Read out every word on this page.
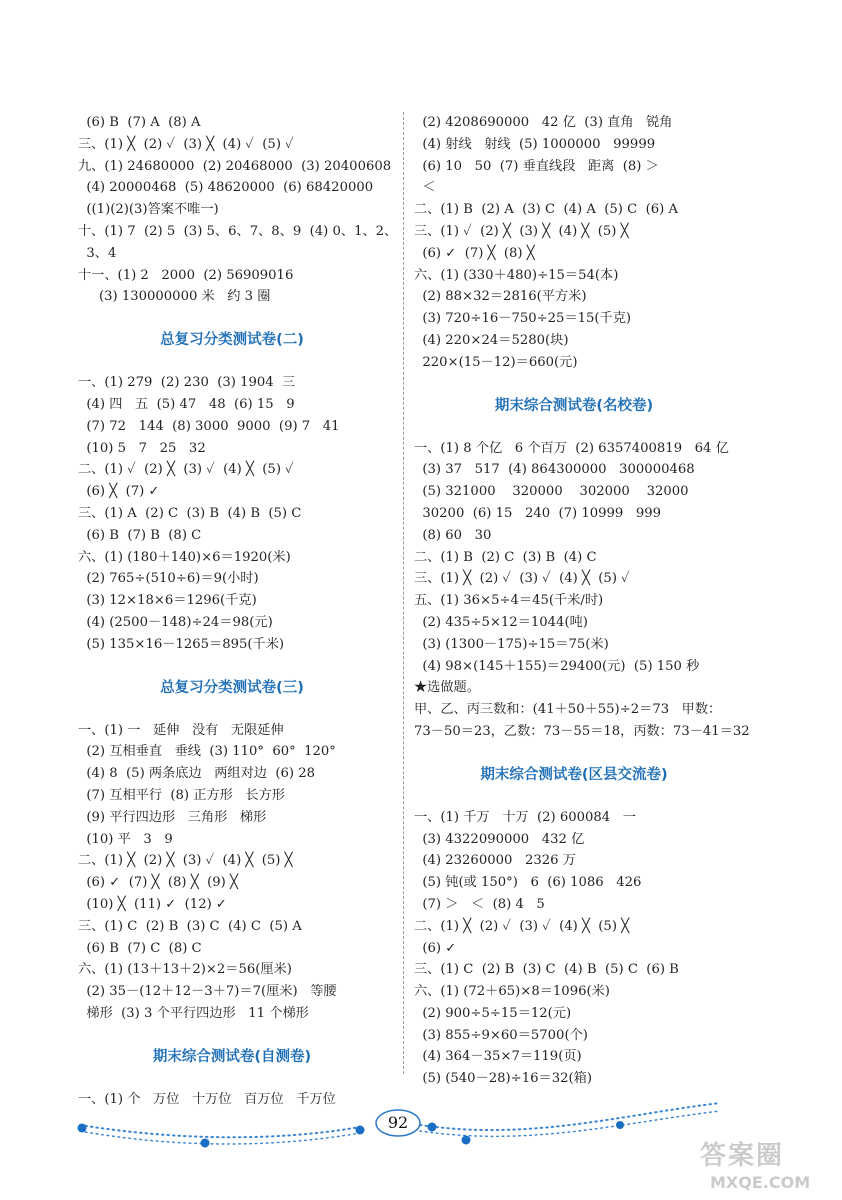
(6) B  (7) A  (8) A
三、(1) ╳  (2) ✓  (3) ╳  (4) ✓  (5) ✓
九、(1) 24680000  (2) 20468000  (3) 20400608
(4) 20000468  (5) 48620000  (6) 68420000
((1)(2)(3)答案不唯一)
十、(1) 7  (2) 5  (3) 5、6、7、8、9  (4) 0、1、2、
3、4
十一、(1) 2   2000  (2) 56909016
(3) 130000000 米   约 3 圈
总复习分类测试卷(二)
一、(1) 279  (2) 230  (3) 1904  三
(4) 四   五  (5) 47   48  (6) 15   9
(7) 72   144  (8) 3000  9000  (9) 7   41
(10) 5   7   25   32
二、(1) ✓  (2) ╳  (3) ✓  (4) ╳  (5) ✓
(6) ╳  (7) ✓
三、(1) A  (2) C  (3) B  (4) B  (5) C
(6) B  (7) B  (8) C
六、(1) (180＋140)×6＝1920(米)
(2) 765÷(510÷6)＝9(小时)
(3) 12×18×6＝1296(千克)
(4) (2500－148)÷24＝98(元)
(5) 135×16－1265＝895(千米)
总复习分类测试卷(三)
一、(1) 一   延伸   没有   无限延伸
(2) 互相垂直   垂线  (3) 110°  60°  120°
(4) 8  (5) 两条底边   两组对边  (6) 28
(7) 互相平行  (8) 正方形   长方形
(9) 平行四边形   三角形   梯形
(10) 平   3   9
二、(1) ╳  (2) ╳  (3) ✓  (4) ╳  (5) ╳
(6) ✓  (7) ╳  (8) ╳  (9) ╳
(10) ╳  (11) ✓  (12) ✓
三、(1) C  (2) B  (3) C  (4) C  (5) A
(6) B  (7) C  (8) C
六、(1) (13＋13＋2)×2＝56(厘米)
(2) 35－(12＋12－3＋7)＝7(厘米)   等腰
梯形  (3) 3 个平行四边形   11 个梯形
期末综合测试卷(自测卷)
一、(1) 个   万位   十万位   百万位   千万位
(2) 4208690000   42 亿  (3) 直角   锐角
(4) 射线   射线  (5) 1000000   99999
(6) 10   50  (7) 垂直线段   距离  (8) ＞
＜
二、(1) B  (2) A  (3) C  (4) A  (5) C  (6) A
三、(1) ✓  (2) ╳  (3) ╳  (4) ╳  (5) ╳
(6) ✓  (7) ╳  (8) ╳
六、(1) (330＋480)÷15＝54(本)
(2) 88×32＝2816(平方米)
(3) 720÷16－750÷25＝15(千克)
(4) 220×24＝5280(块)
220×(15－12)＝660(元)
期末综合测试卷(名校卷)
一、(1) 8 个亿   6 个百万  (2) 6357400819   64 亿
(3) 37   517  (4) 864300000   300000468
(5) 321000    320000    302000    32000
30200  (6) 15   240  (7) 10999   999
(8) 60   30
二、(1) B  (2) C  (3) B  (4) C
三、(1) ╳  (2) ✓  (3) ✓  (4) ╳  (5) ✓
五、(1) 36×5÷4＝45(千米/时)
(2) 435÷5×12＝1044(吨)
(3) (1300－175)÷15＝75(米)
(4) 98×(145＋155)＝29400(元)  (5) 150 秒
★选做题。
甲、乙、丙三数和：(41＋50＋55)÷2＝73   甲数：
73－50＝23，乙数：73－55＝18，丙数：73－41＝32
期末综合测试卷(区县交流卷)
一、(1) 千万   十万  (2) 600084   一
(3) 4322090000   432 亿
(4) 23260000   2326 万
(5) 钝(或 150°)   6  (6) 1086   426
(7) ＞   ＜  (8) 4   5
二、(1) ╳  (2) ✓  (3) ✓  (4) ╳  (5) ╳
(6) ✓
三、(1) C  (2) B  (3) C  (4) B  (5) C  (6) B
六、(1) (72＋65)×8＝1096(米)
(2) 900÷5÷15＝12(元)
(3) 855÷9×60＝5700(个)
(4) 364－35×7＝119(页)
(5) (540－28)÷16＝32(箱)
92
答案圈
MXQE.COM
